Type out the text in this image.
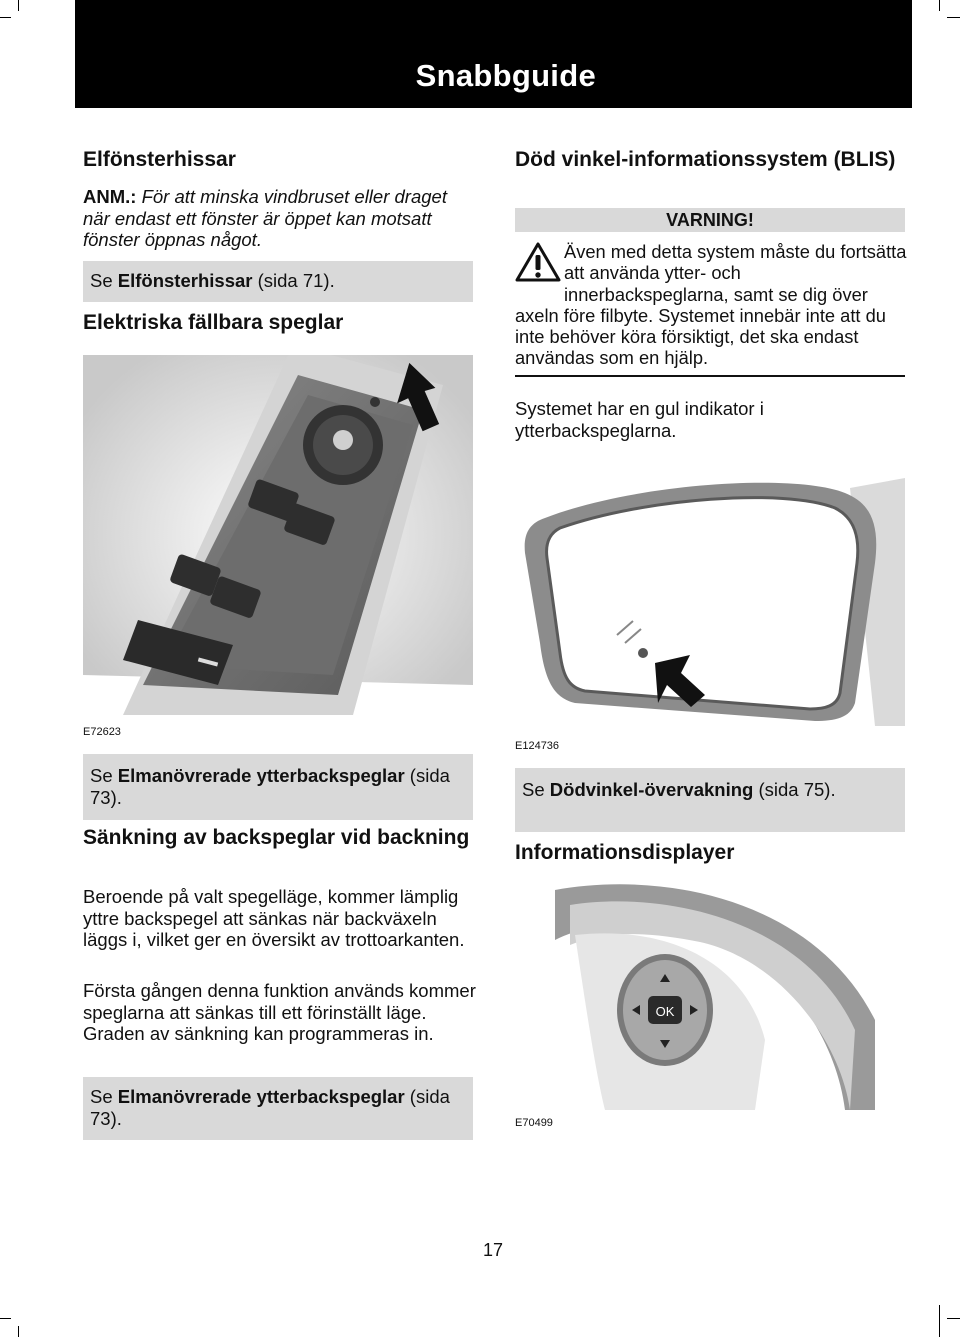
Snabbguide
Elfönsterhissar

ANM.: För att minska vindbruset eller draget när endast ett fönster är öppet kan motsatt fönster öppnas något.

Se Elfönsterhissar (sida 71).

Elektriska fällbara speglar
E72623

Se Elmanövrerade ytterbackspeglar (sida 73).

Sänkning av backspeglar vid backning

Beroende på valt spegelläge, kommer lämplig yttre backspegel att sänkas när backväxeln läggs i, vilket ger en översikt av trottoarkanten.

Första gången denna funktion används kommer speglarna att sänkas till ett förinställt läge. Graden av sänkning kan programmeras in.

Se Elmanövrerade ytterbackspeglar (sida 73).

Död vinkel-informationssystem (BLIS)
VARNING!

Även med detta system måste du fortsätta att använda ytter- och innerbackspeglarna, samt se dig över axeln före filbyte. Systemet innebär inte att du inte behöver köra försiktigt, det ska endast användas som en hjälp.

Systemet har en gul indikator i ytterbackspeglarna.

E124736

Se Dödvinkel-övervakning (sida 75).

Informationsdisplayer
OK
E70499
17
